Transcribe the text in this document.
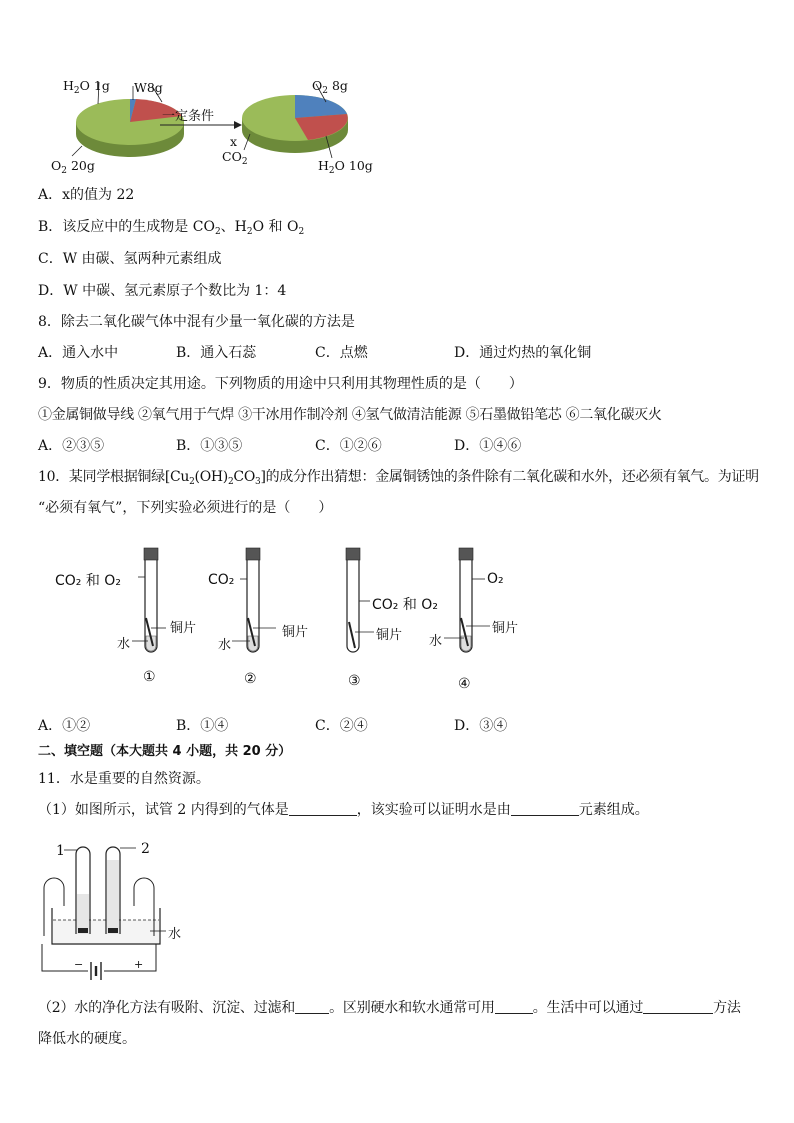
$H_2O$ 1g W8g
$O_2$ 20g
一定条件
$O_2$ 8g
x
$CO_2$	$H_2O$ 10g
A．x的值为 22
B．该反应中的生成物是 $CO_2$、$H_2O$ 和 $O_2$
C．W 由碳、氢两种元素组成
D．W 中碳、氢元素原子个数比为 1：4
8．除去二氧化碳气体中混有少量一氧化碳的方法是
A．通入水中	B．通入石蕊	C．点燃	D．通过灼热的氧化铜
9．物质的性质决定其用途。下列物质的用途中只利用其物理性质的是（　　）
①金属铜做导线 ②氧气用于气焊 ③干冰用作制冷剂 ④氢气做清洁能源 ⑤石墨做铅笔芯 ⑥二氧化碳灭火
A．②③⑤	B．①③⑤	C．①②⑥	D．①④⑥
10．某同学根据铜绿$[Cu_2(OH)_2CO_3]$的成分作出猜想：金属铜锈蚀的条件除有二氧化碳和水外，还必须有氧气。为证明
“必须有氧气”，下列实验必须进行的是（　　）
CO₂ 和 O₂
铜片
水
CO₂
铜片
水
CO₂ 和 O₂
铜片
O₂
铜片
水
①	②	③	④
A．①②	B．①④	C．②④	D．③④
二、填空题（本大题共 4 小题，共 20 分）
11．水是重要的自然资源。
（1）如图所示，试管 2 内得到的气体是	，该实验可以证明水是由	元素组成。
1	2
水
−	+
（2）水的净化方法有吸附、沉淀、过滤和 。区别硬水和软水通常可用	。生活中可以通过	方法
降低水的硬度。
